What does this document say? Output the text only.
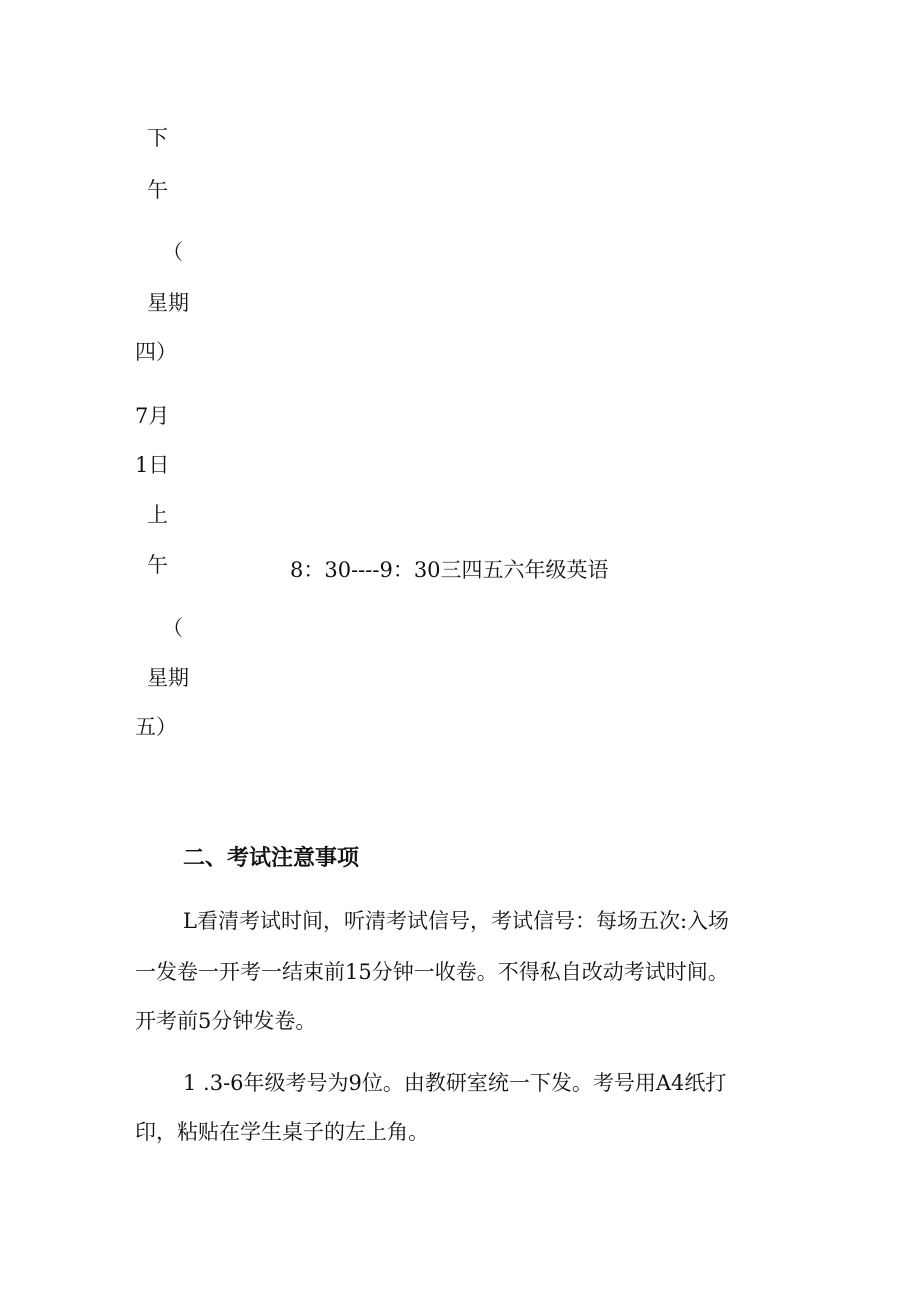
下
午
（
星期
四）
7月
1日
上
午
（
星期
五）
8：30----9：30三四五六年级英语
二、考试注意事项
L看清考试时间，听清考试信号，考试信号：每场五次:入场
一发卷一开考一结束前15分钟一收卷。不得私自改动考试时间。
开考前5分钟发卷。
1 .3-6年级考号为9位。由教研室统一下发。考号用A4纸打
印，粘贴在学生桌子的左上角。
